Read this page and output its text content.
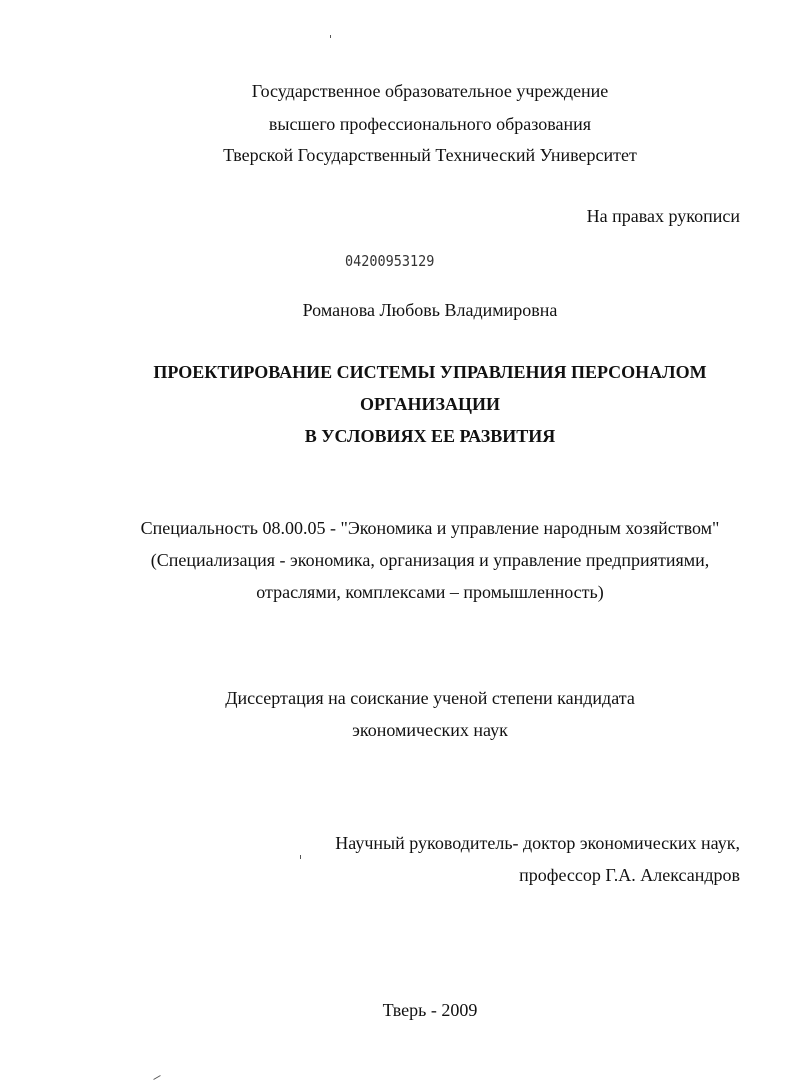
Государственное образовательное учреждение
высшего профессионального образования
Тверской Государственный Технический Университет
На правах рукописи
04200953129
Романова Любовь Владимировна
ПРОЕКТИРОВАНИЕ СИСТЕМЫ УПРАВЛЕНИЯ ПЕРСОНАЛОМ
ОРГАНИЗАЦИИ
В УСЛОВИЯХ ЕЕ РАЗВИТИЯ
Специальность 08.00.05 - "Экономика и управление народным хозяйством"
(Специализация - экономика, организация и управление предприятиями,
отраслями, комплексами – промышленность)
Диссертация на соискание ученой степени кандидата
экономических наук
Научный руководитель- доктор экономических наук,
профессор Г.А. Александров
Тверь - 2009
